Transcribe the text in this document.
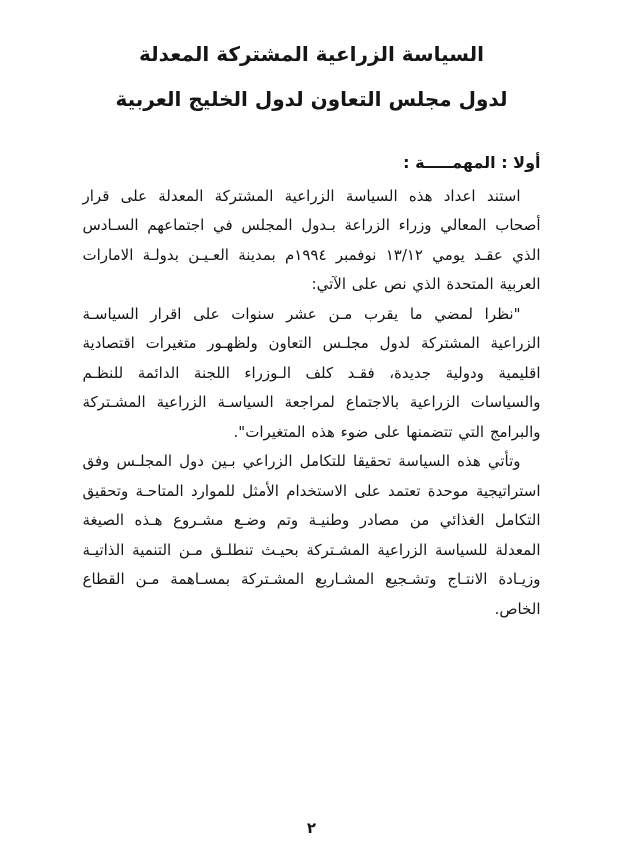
السياسة الزراعية المشتركة المعدلة
لدول مجلس التعاون لدول الخليج العربية
أولا : المهمـــــة :

استند اعداد هذه السياسة الزراعية المشتركة المعدلة على قرار أصحاب المعالي وزراء الزراعة بـدول المجلس في اجتماعهم السـادس الذي عقـد يومي ١٣/١٢ نوفمبر ١٩٩٤م بمدينة العـيـن بدولـة الامارات العربية المتحدة الذي نص على الآتي:

"نظرا لمضي ما يقرب مـن عشر سنوات على اقرار السياسـة الزراعية المشتركة لدول مجلـس التعاون ولظهـور متغيرات اقتصادية اقليمية ودولية جديدة، فقـد كلف الـوزراء اللجنة الدائمة للنظـم والسياسات الزراعية بالاجتماع لمراجعة السياسـة الزراعية المشـتركة والبرامج التي تتضمنها على ضوء هذه المتغيرات".

وتأتي هذه السياسة تحقيقا للتكامل الزراعي بـين دول المجلـس وفق استراتيجية موحدة تعتمد على الاستخدام الأمثل للموارد المتاحـة وتحقيق التكامل الغذائي من مصادر وطنيـة وتم وضـع مشـروع هـذه الصيغة المعدلة للسياسة الزراعية المشـتركة بحيـث تنطلـق مـن التنمية الذاتيـة وزيـادة الانتـاج وتشـجيع المشـاريع المشـتركة بمسـاهمة مـن القطاع الخاص.

٢
